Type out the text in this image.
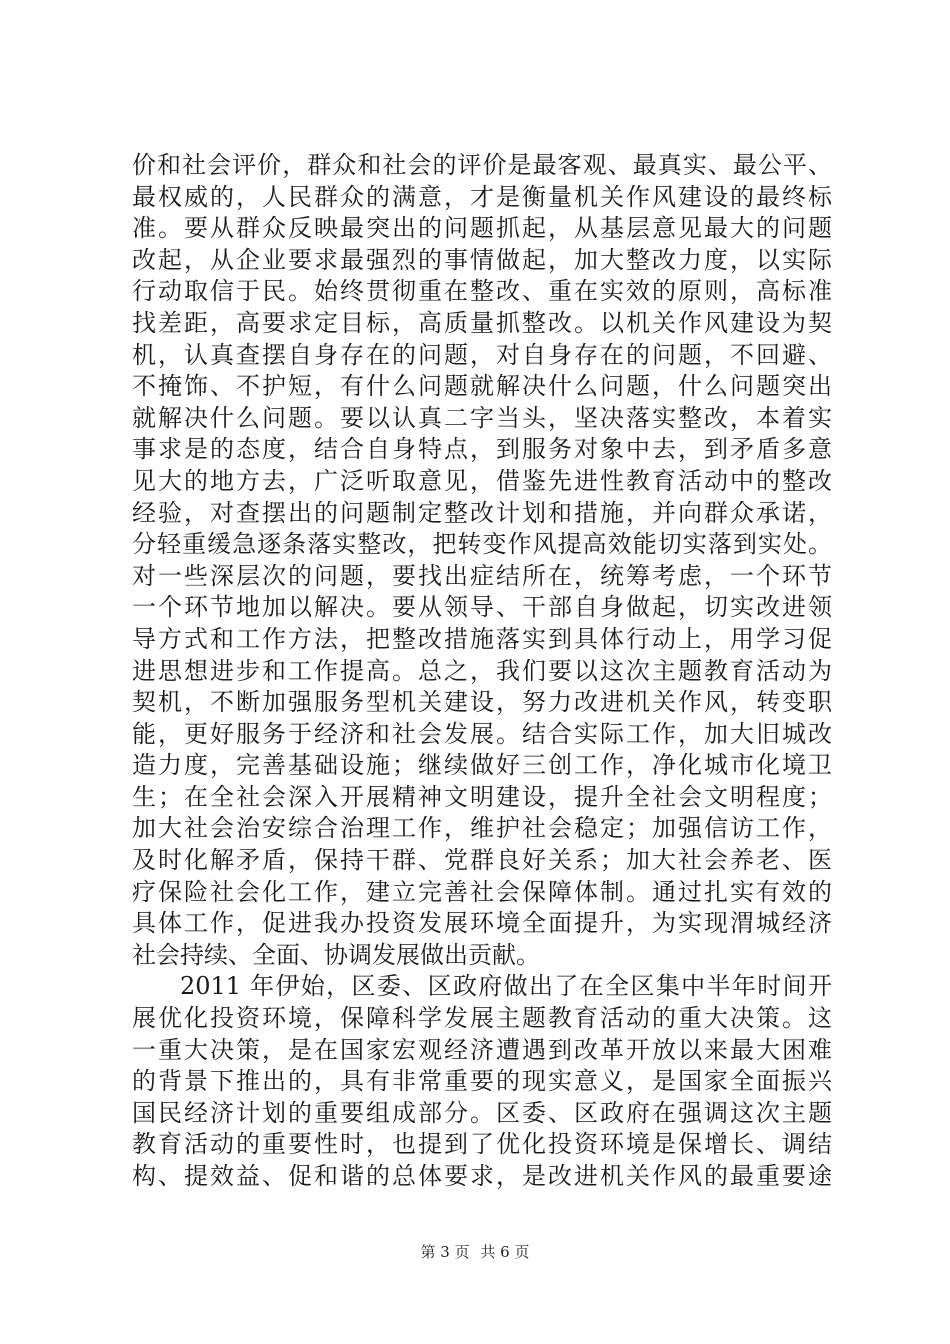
价和社会评价，群众和社会的评价是最客观、最真实、最公平、
最权威的，人民群众的满意，才是衡量机关作风建设的最终标
准。要从群众反映最突出的问题抓起，从基层意见最大的问题
改起，从企业要求最强烈的事情做起，加大整改力度，以实际
行动取信于民。始终贯彻重在整改、重在实效的原则，高标准
找差距，高要求定目标，高质量抓整改。以机关作风建设为契
机，认真查摆自身存在的问题，对自身存在的问题，不回避、
不掩饰、不护短，有什么问题就解决什么问题，什么问题突出
就解决什么问题。要以认真二字当头，坚决落实整改，本着实
事求是的态度，结合自身特点，到服务对象中去，到矛盾多意
见大的地方去，广泛听取意见，借鉴先进性教育活动中的整改
经验，对查摆出的问题制定整改计划和措施，并向群众承诺，
分轻重缓急逐条落实整改，把转变作风提高效能切实落到实处。
对一些深层次的问题，要找出症结所在，统筹考虑，一个环节
一个环节地加以解决。要从领导、干部自身做起，切实改进领
导方式和工作方法，把整改措施落实到具体行动上，用学习促
进思想进步和工作提高。总之，我们要以这次主题教育活动为
契机，不断加强服务型机关建设，努力改进机关作风，转变职
能，更好服务于经济和社会发展。结合实际工作，加大旧城改
造力度，完善基础设施；继续做好三创工作，净化城市化境卫
生；在全社会深入开展精神文明建设，提升全社会文明程度；
加大社会治安综合治理工作，维护社会稳定；加强信访工作，
及时化解矛盾，保持干群、党群良好关系；加大社会养老、医
疗保险社会化工作，建立完善社会保障体制。通过扎实有效的
具体工作，促进我办投资发展环境全面提升，为实现渭城经济
社会持续、全面、协调发展做出贡献。
2011 年伊始，区委、区政府做出了在全区集中半年时间开
展优化投资环境，保障科学发展主题教育活动的重大决策。这
一重大决策，是在国家宏观经济遭遇到改革开放以来最大困难
的背景下推出的，具有非常重要的现实意义，是国家全面振兴
国民经济计划的重要组成部分。区委、区政府在强调这次主题
教育活动的重要性时，也提到了优化投资环境是保增长、调结
构、提效益、促和谐的总体要求，是改进机关作风的最重要途
第 3 页 共 6 页
